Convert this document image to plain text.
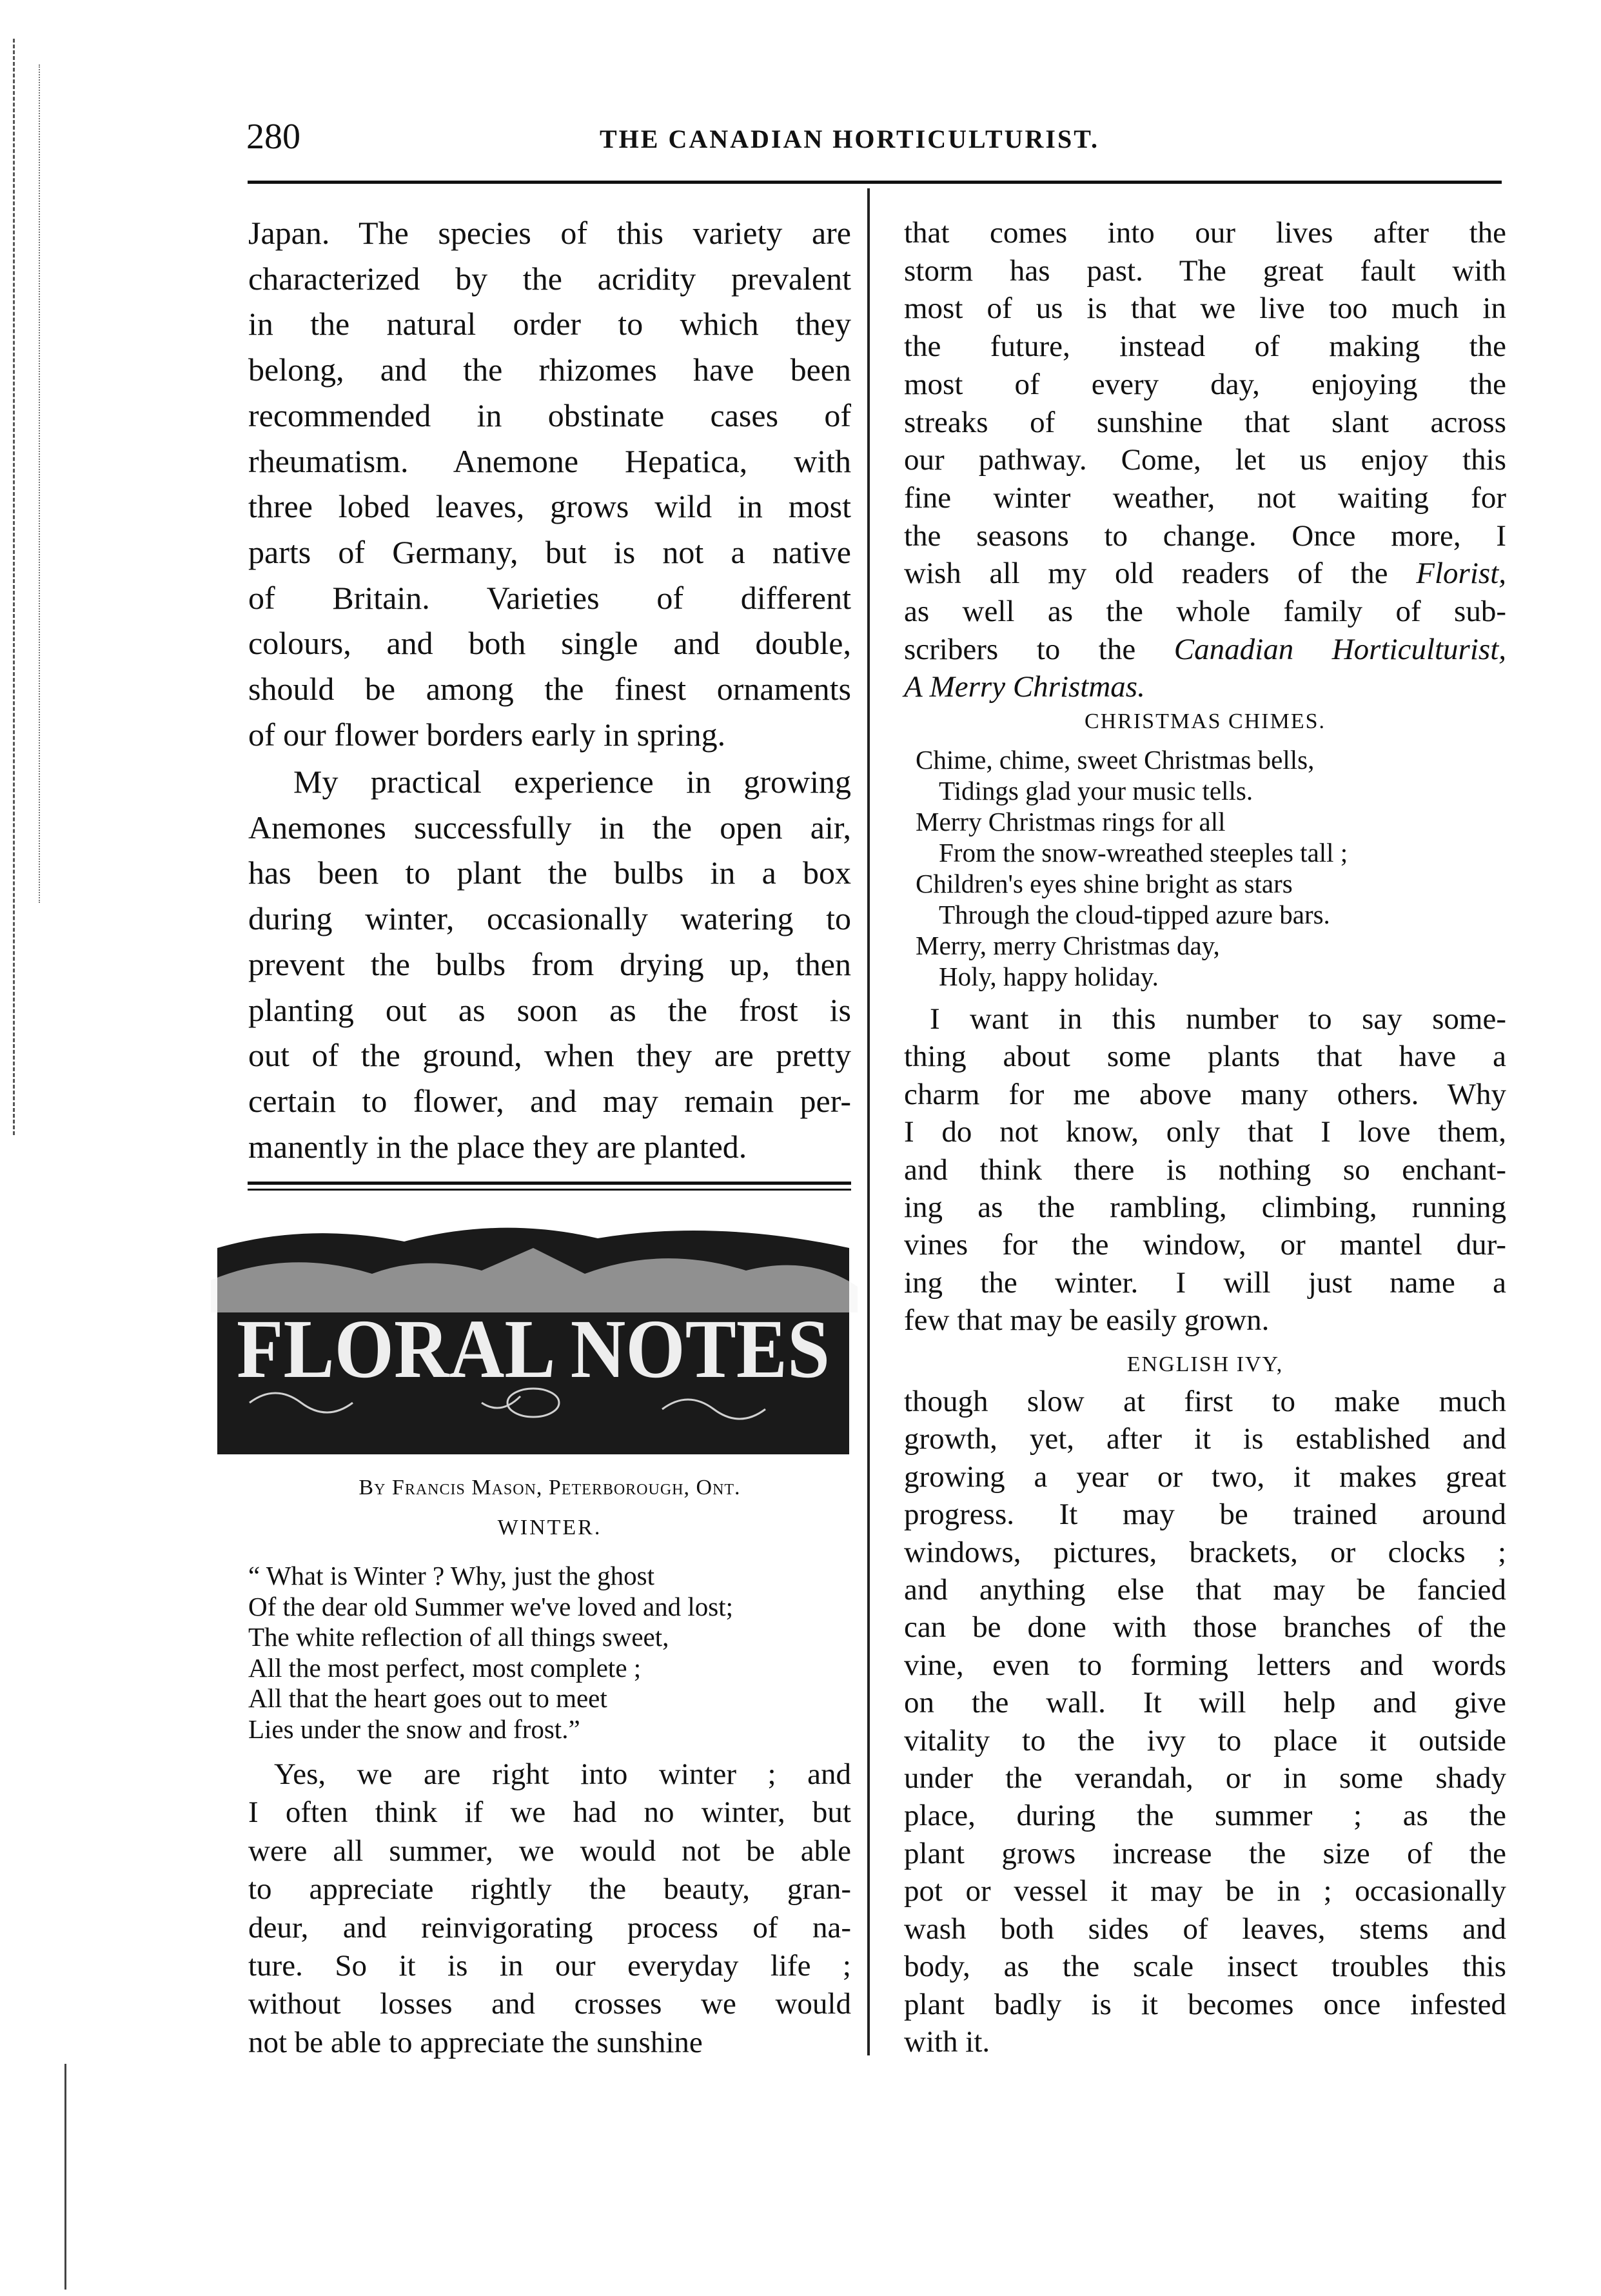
280	THE CANADIAN HORTICULTURIST.
Japan. The species of this variety are
characterized by the acridity prevalent
in the natural order to which they
belong, and the rhizomes have been
recommended in obstinate cases of
rheumatism. Anemone Hepatica, with
three lobed leaves, grows wild in most
parts of Germany, but is not a native
of Britain. Varieties of different
colours, and both single and double,
should be among the finest ornaments
of our flower borders early in spring.
My practical experience in growing
Anemones successfully in the open air,
has been to plant the bulbs in a box
during winter, occasionally watering to
prevent the bulbs from drying up, then
planting out as soon as the frost is
out of the ground, when they are pretty
certain to flower, and may remain per-
manently in the place they are planted.
FLORAL NOTES
By Francis Mason, Peterborough, Ont.
WINTER.
“ What is Winter ? Why, just the ghost
Of the dear old Summer we've loved and lost;
The white reflection of all things sweet,
All the most perfect, most complete ;
All that the heart goes out to meet
Lies under the snow and frost.”
Yes, we are right into winter ; and
I often think if we had no winter, but
were all summer, we would not be able
to appreciate rightly the beauty, gran-
deur, and reinvigorating process of na-
ture. So it is in our everyday life ;
without losses and crosses we would
not be able to appreciate the sunshine
that comes into our lives after the
storm has past. The great fault with
most of us is that we live too much in
the future, instead of making the
most of every day, enjoying the
streaks of sunshine that slant across
our pathway. Come, let us enjoy this
fine winter weather, not waiting for
the seasons to change. Once more, I
wish all my old readers of the Florist,
as well as the whole family of sub-
scribers to the Canadian Horticulturist,
A Merry Christmas.
CHRISTMAS CHIMES.
Chime, chime, sweet Christmas bells,
Tidings glad your music tells.
Merry Christmas rings for all
From the snow-wreathed steeples tall ;
Children's eyes shine bright as stars
Through the cloud-tipped azure bars.
Merry, merry Christmas day,
Holy, happy holiday.
I want in this number to say some-
thing about some plants that have a
charm for me above many others. Why
I do not know, only that I love them,
and think there is nothing so enchant-
ing as the rambling, climbing, running
vines for the window, or mantel dur-
ing the winter. I will just name a
few that may be easily grown.
ENGLISH IVY,
though slow at first to make much
growth, yet, after it is established and
growing a year or two, it makes great
progress. It may be trained around
windows, pictures, brackets, or clocks ;
and anything else that may be fancied
can be done with those branches of the
vine, even to forming letters and words
on the wall. It will help and give
vitality to the ivy to place it outside
under the verandah, or in some shady
place, during the summer ; as the
plant grows increase the size of the
pot or vessel it may be in ; occasionally
wash both sides of leaves, stems and
body, as the scale insect troubles this
plant badly is it becomes once infested
with it.
